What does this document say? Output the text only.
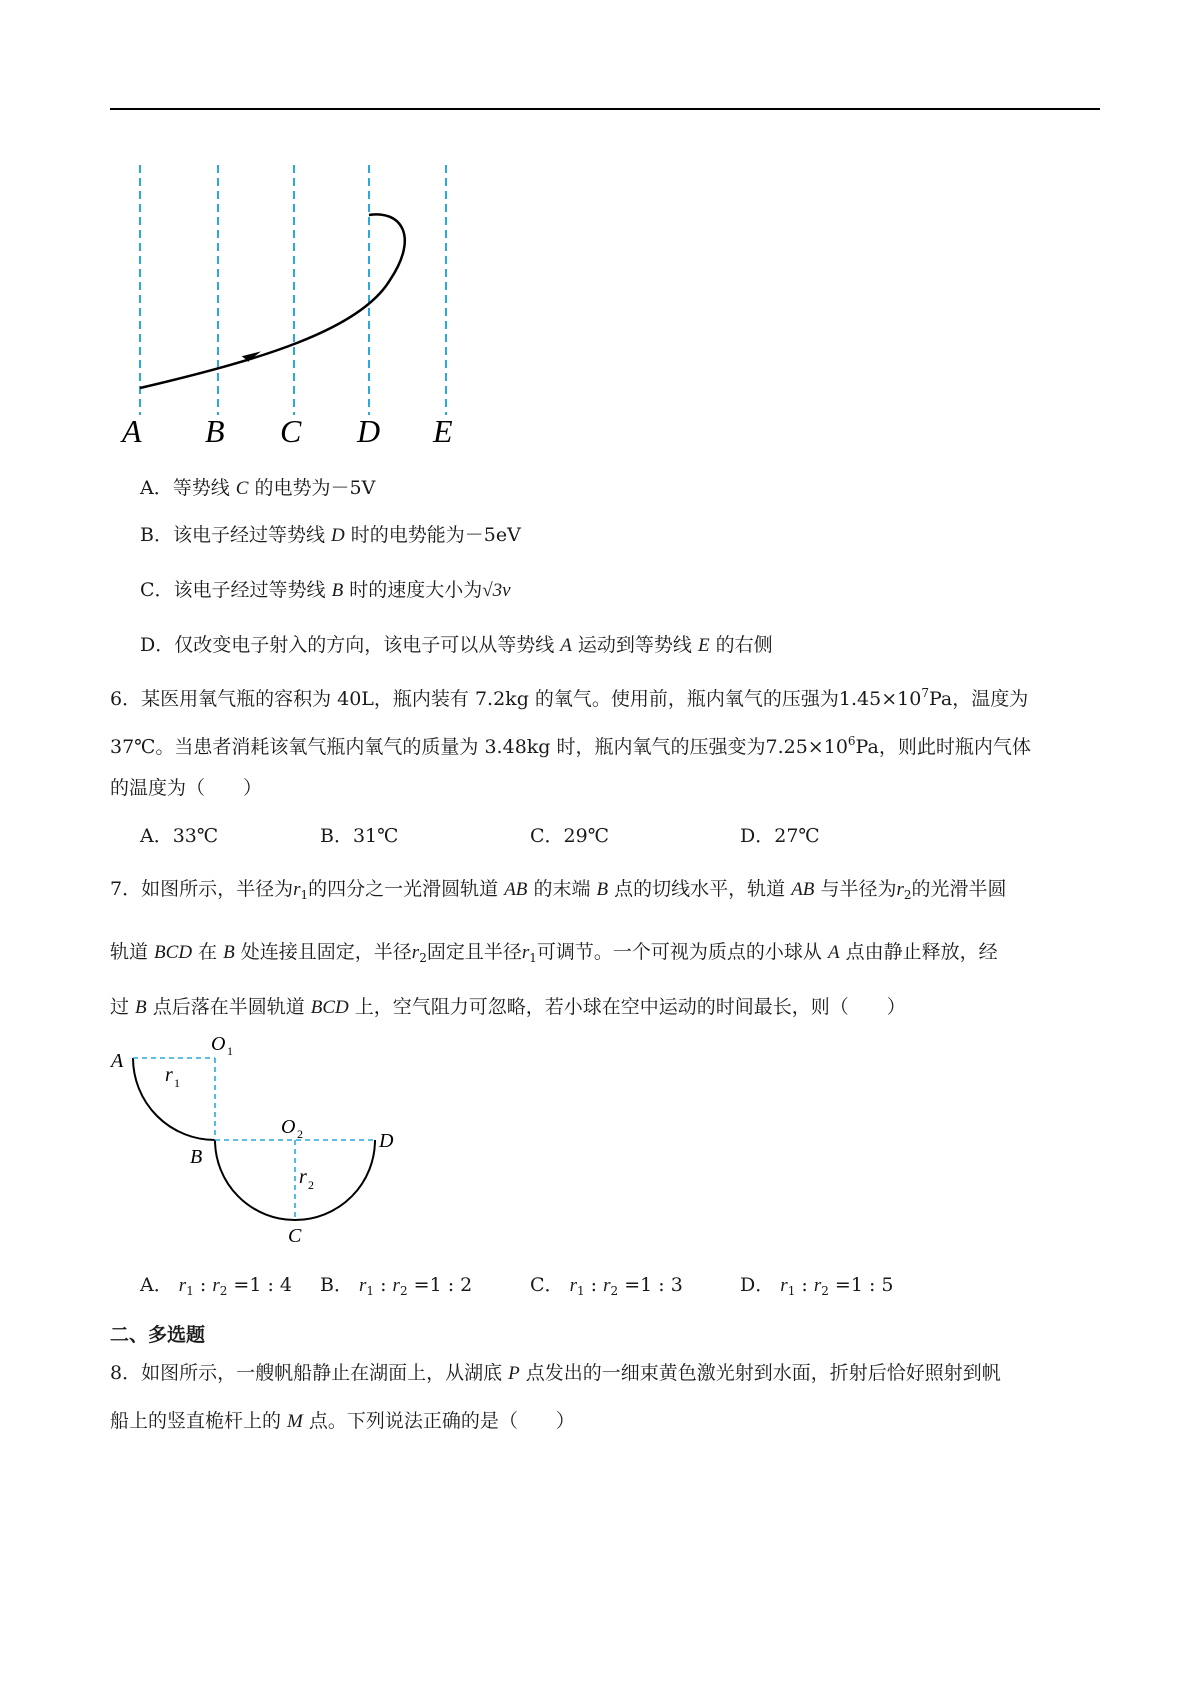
A B C D E
A．等势线 C 的电势为－5V
B．该电子经过等势线 D 时的电势能为－5eV
C．该电子经过等势线 B 时的速度大小为√3v
D．仅改变电子射入的方向，该电子可以从等势线 A 运动到等势线 E 的右侧
6．某医用氧气瓶的容积为 40L，瓶内装有 7.2kg 的氧气。使用前，瓶内氧气的压强为$1.45\times 10^7Pa$，温度为
37℃。当患者消耗该氧气瓶内氧气的质量为 3.48kg 时，瓶内氧气的压强变为$7.25\times 10^6Pa$，则此时瓶内气体
的温度为（　　）
A．33℃	B．31℃	C．29℃	D．27℃
7．如图所示，半径为$r_1$的四分之一光滑圆轨道 AB 的末端 B 点的切线水平，轨道 AB 与半径为$r_2$的光滑半圆
轨道 BCD 在 B 处连接且固定，半径$r_2$固定且半径$r_1$可调节。一个可视为质点的小球从 A 点由静止释放，经
过 B 点后落在半圆轨道 BCD 上，空气阻力可忽略，若小球在空中运动的时间最长，则（　　）
A
O 1
r 1
B
O 2	D
r 2
C
A． $r_1$ : $r_2 =1$ : 4 B． $r_1$ : $r_2 =1$ : 2	C． $r_1$ : $r_2 =1$ : 3	D． $r_1$ : $r_2 =1$ : 5
二、多选题
8．如图所示，一艘帆船静止在湖面上，从湖底 P 点发出的一细束黄色激光射到水面，折射后恰好照射到帆
船上的竖直桅杆上的 M 点。下列说法正确的是（　　）
